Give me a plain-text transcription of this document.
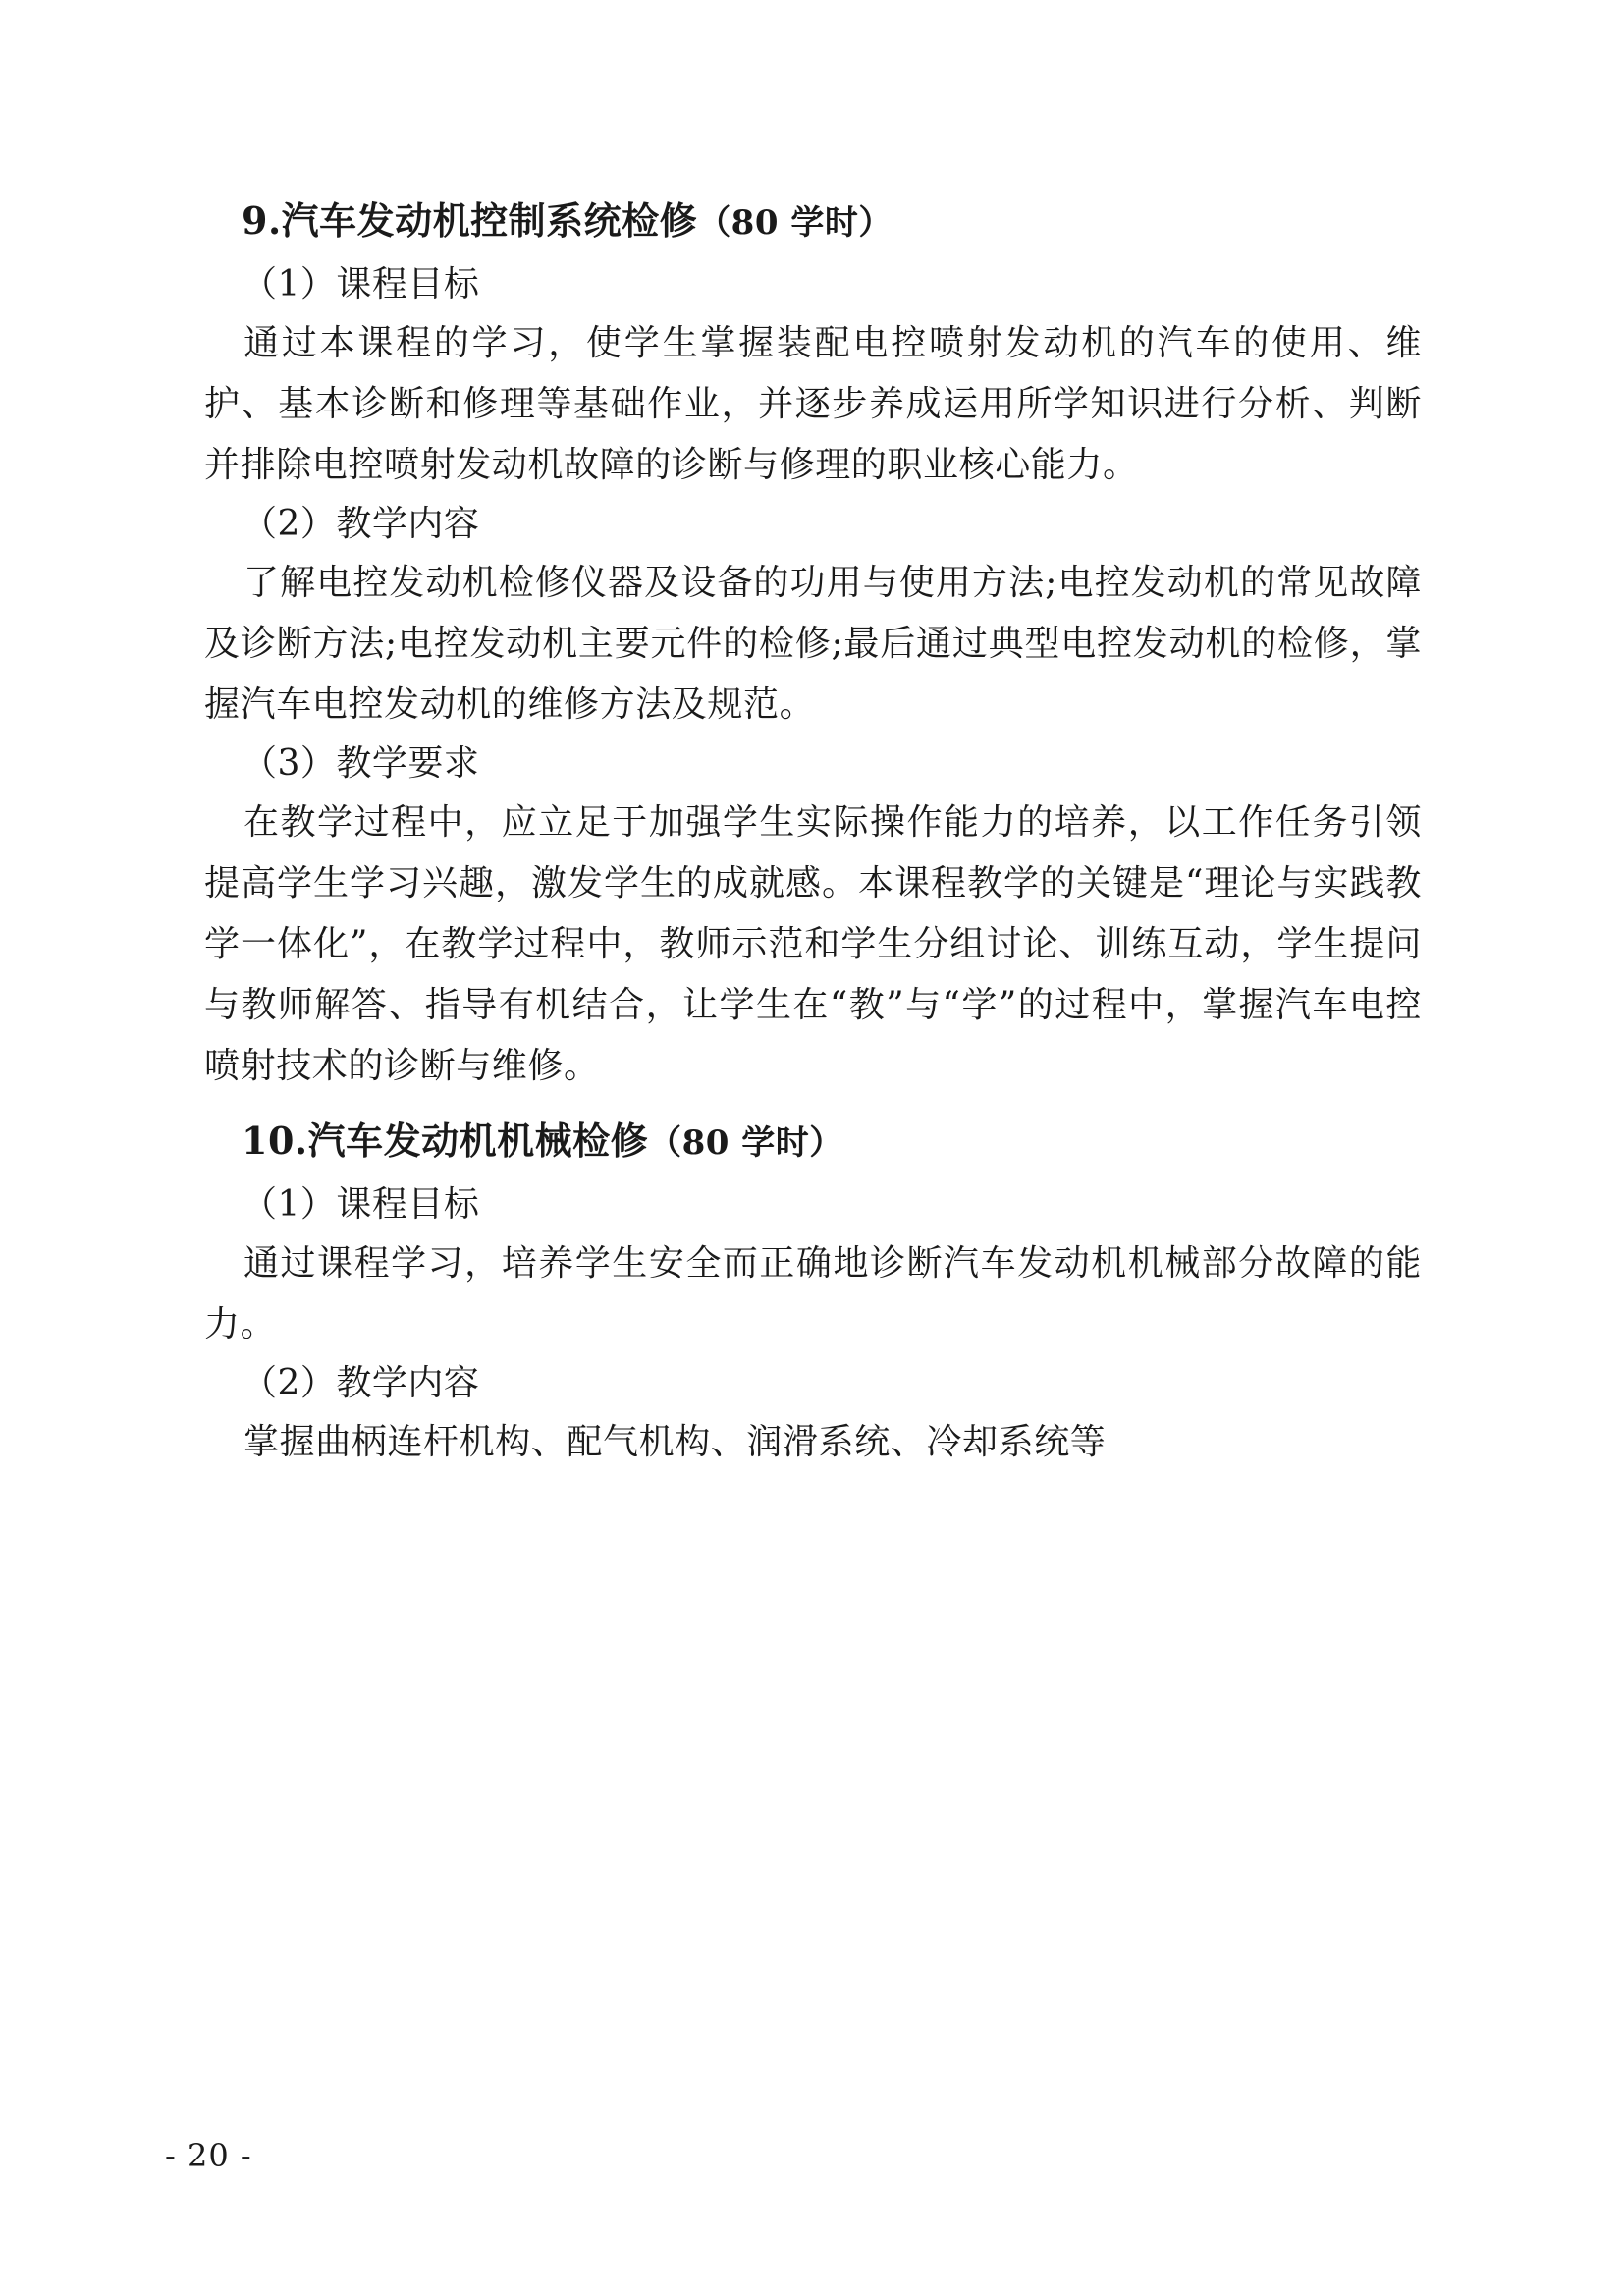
9.汽车发动机控制系统检修（80 学时）

（1）课程目标

通过本课程的学习，使学生掌握装配电控喷射发动机的汽车的使用、维护、基本诊断和修理等基础作业，并逐步养成运用所学知识进行分析、判断并排除电控喷射发动机故障的诊断与修理的职业核心能力。

（2）教学内容

了解电控发动机检修仪器及设备的功用与使用方法;电控发动机的常见故障及诊断方法;电控发动机主要元件的检修;最后通过典型电控发动机的检修，掌握汽车电控发动机的维修方法及规范。

（3）教学要求

在教学过程中，应立足于加强学生实际操作能力的培养，以工作任务引领提高学生学习兴趣，激发学生的成就感。本课程教学的关键是“理论与实践教学一体化”，在教学过程中，教师示范和学生分组讨论、训练互动，学生提问与教师解答、指导有机结合，让学生在“教”与“学”的过程中，掌握汽车电控喷射技术的诊断与维修。

10.汽车发动机机械检修（80 学时）

（1）课程目标

通过课程学习，培养学生安全而正确地诊断汽车发动机机械部分故障的能力。

（2）教学内容

掌握曲柄连杆机构、配气机构、润滑系统、冷却系统等

- 20 -
